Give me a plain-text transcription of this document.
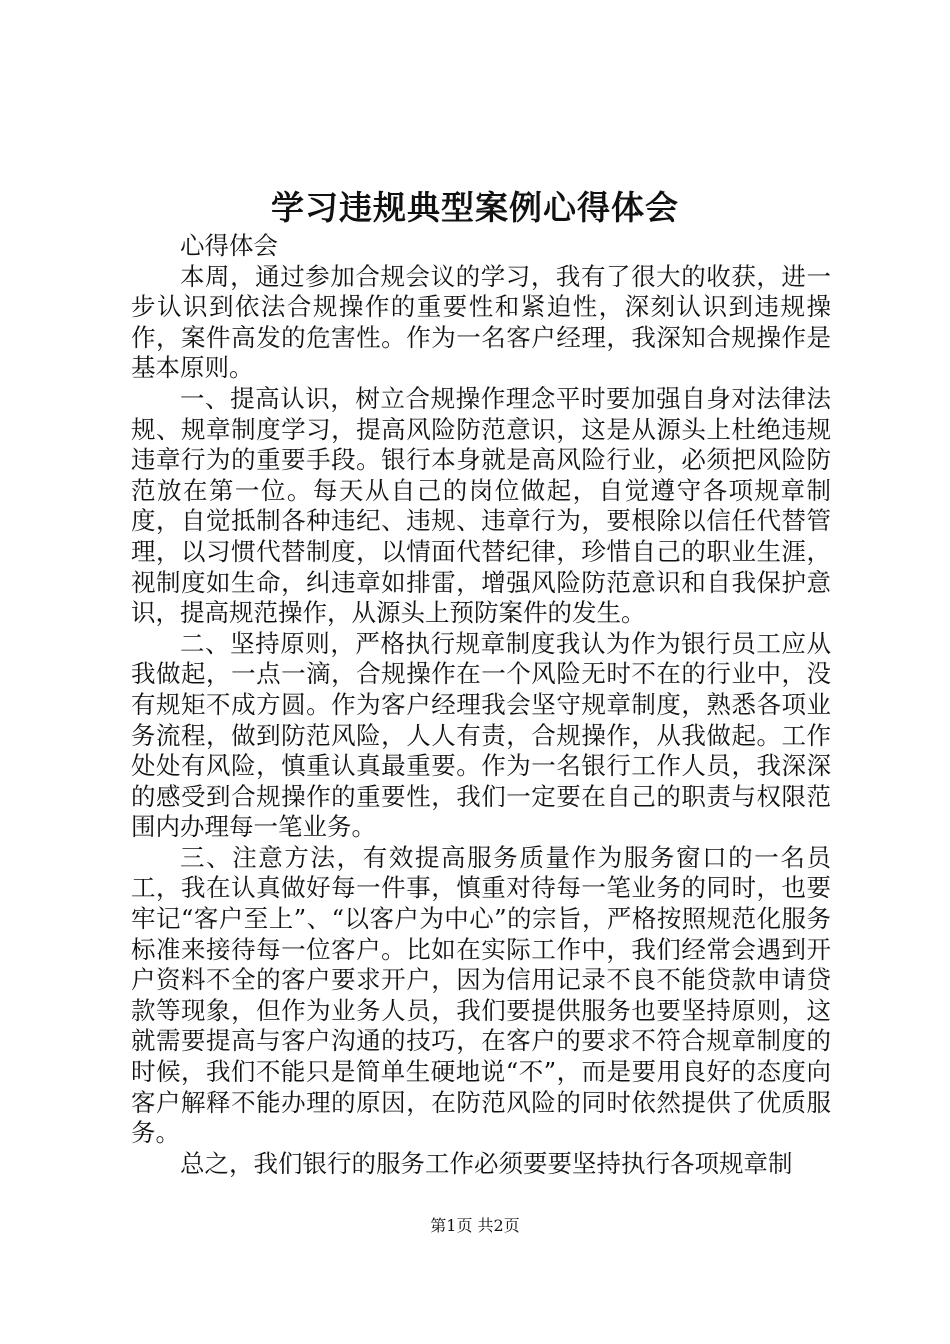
学习违规典型案例心得体会

心得体会

本周，通过参加合规会议的学习，我有了很大的收获，进一步认识到依法合规操作的重要性和紧迫性，深刻认识到违规操作，案件高发的危害性。作为一名客户经理，我深知合规操作是基本原则。

一、提高认识，树立合规操作理念平时要加强自身对法律法规、规章制度学习，提高风险防范意识，这是从源头上杜绝违规违章行为的重要手段。银行本身就是高风险行业，必须把风险防范放在第一位。每天从自己的岗位做起，自觉遵守各项规章制度，自觉抵制各种违纪、违规、违章行为，要根除以信任代替管理，以习惯代替制度，以情面代替纪律，珍惜自己的职业生涯，视制度如生命，纠违章如排雷，增强风险防范意识和自我保护意识，提高规范操作，从源头上预防案件的发生。

二、坚持原则，严格执行规章制度我认为作为银行员工应从我做起，一点一滴，合规操作在一个风险无时不在的行业中，没有规矩不成方圆。作为客户经理我会坚守规章制度，熟悉各项业务流程，做到防范风险，人人有责，合规操作，从我做起。工作处处有风险，慎重认真最重要。作为一名银行工作人员，我深深的感受到合规操作的重要性，我们一定要在自己的职责与权限范围内办理每一笔业务。

三、注意方法，有效提高服务质量作为服务窗口的一名员工，我在认真做好每一件事，慎重对待每一笔业务的同时，也要牢记“客户至上”、“以客户为中心”的宗旨，严格按照规范化服务标准来接待每一位客户。比如在实际工作中，我们经常会遇到开户资料不全的客户要求开户，因为信用记录不良不能贷款申请贷款等现象，但作为业务人员，我们要提供服务也要坚持原则，这就需要提高与客户沟通的技巧，在客户的要求不符合规章制度的时候，我们不能只是简单生硬地说“不”，而是要用良好的态度向客户解释不能办理的原因，在防范风险的同时依然提供了优质服务。

总之，我们银行的服务工作必须要要坚持执行各项规章制

第1页 共2页
